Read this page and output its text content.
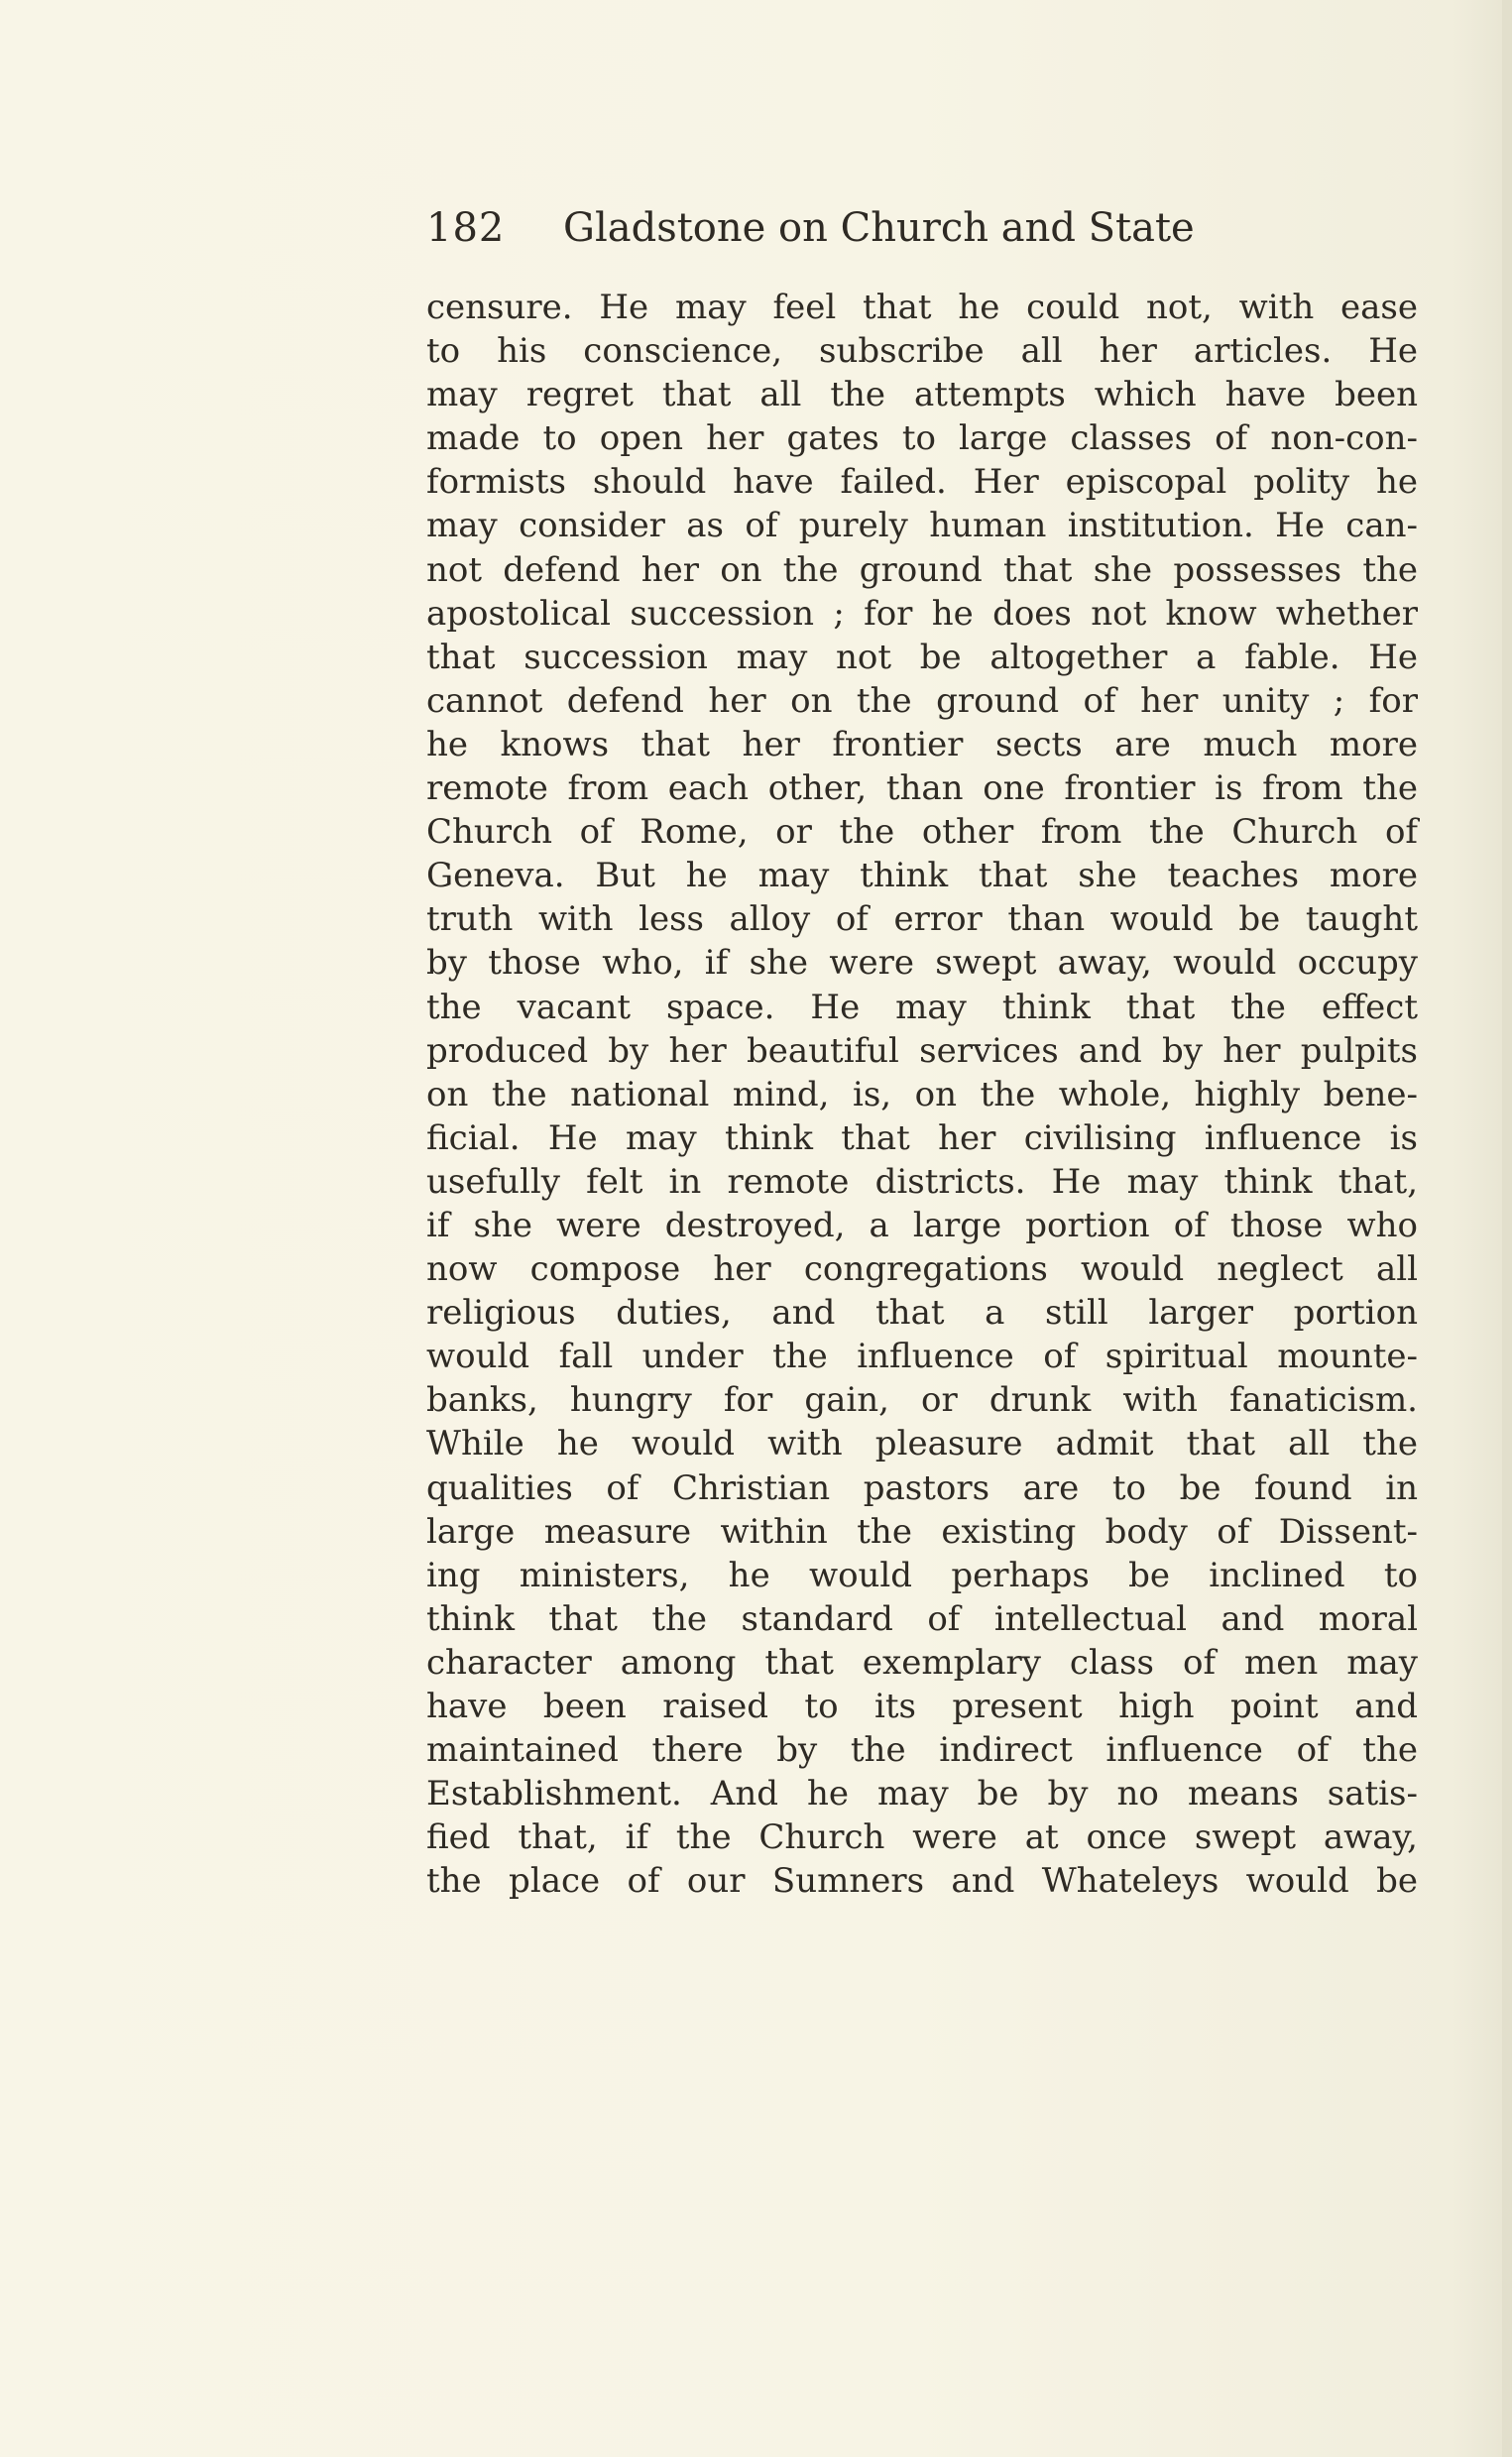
182 Gladstone on Church and State
censure. He may feel that he could not, with ease
to his conscience, subscribe all her articles. He
may regret that all the attempts which have been
made to open her gates to large classes of non-con-
formists should have failed. Her episcopal polity he
may consider as of purely human institution. He can-
not defend her on the ground that she possesses the
apostolical succession ; for he does not know whether
that succession may not be altogether a fable. He
cannot defend her on the ground of her unity ; for
he knows that her frontier sects are much more
remote from each other, than one frontier is from the
Church of Rome, or the other from the Church of
Geneva. But he may think that she teaches more
truth with less alloy of error than would be taught
by those who, if she were swept away, would occupy
the vacant space. He may think that the effect
produced by her beautiful services and by her pulpits
on the national mind, is, on the whole, highly bene-
ficial. He may think that her civilising influence is
usefully felt in remote districts. He may think that,
if she were destroyed, a large portion of those who
now compose her congregations would neglect all
religious duties, and that a still larger portion
would fall under the influence of spiritual mounte-
banks, hungry for gain, or drunk with fanaticism.
While he would with pleasure admit that all the
qualities of Christian pastors are to be found in
large measure within the existing body of Dissent-
ing ministers, he would perhaps be inclined to
think that the standard of intellectual and moral
character among that exemplary class of men may
have been raised to its present high point and
maintained there by the indirect influence of the
Establishment. And he may be by no means satis-
fied that, if the Church were at once swept away,
the place of our Sumners and Whateleys would be
